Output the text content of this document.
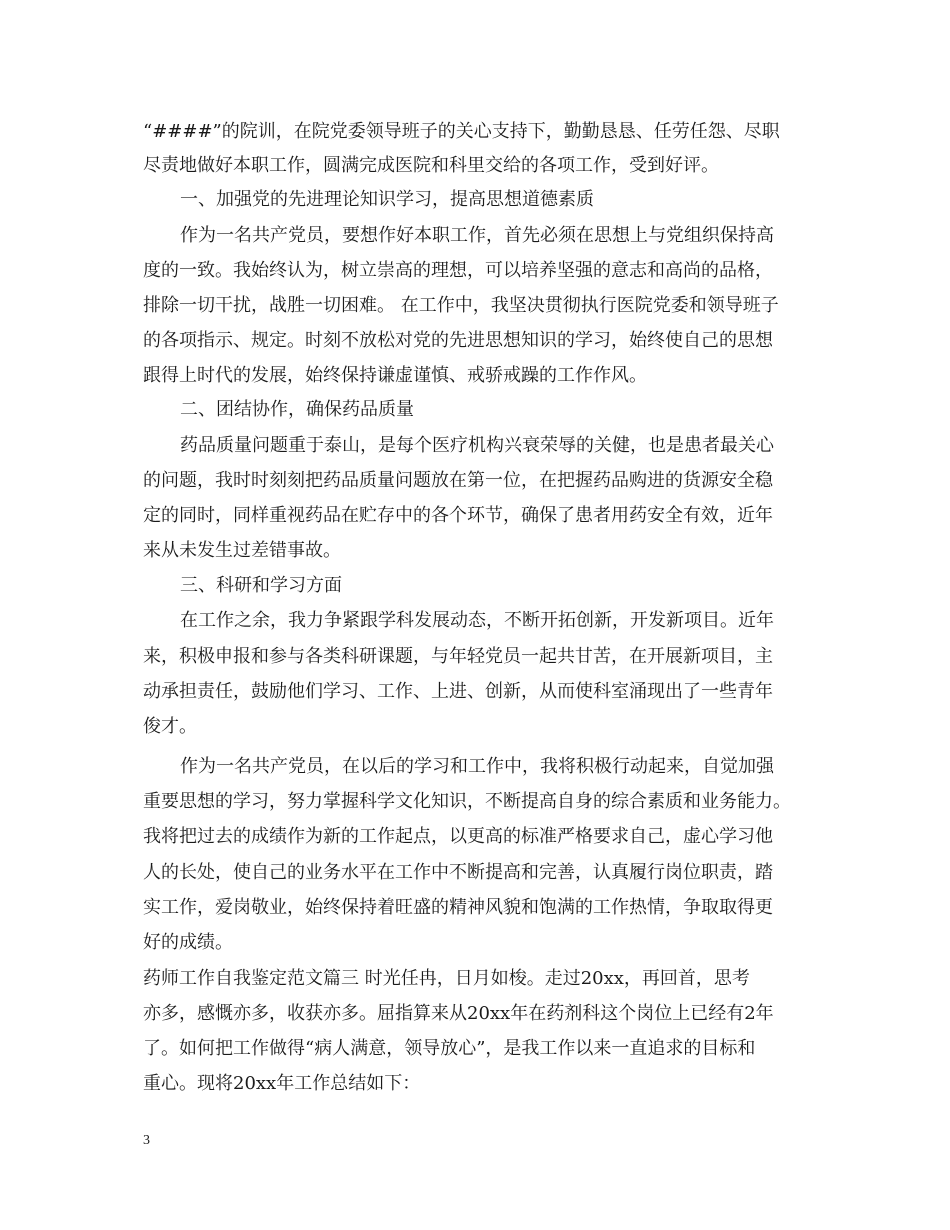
“####”的院训，在院党委领导班子的关心支持下，勤勤恳恳、任劳任怨、尽职

尽责地做好本职工作，圆满完成医院和科里交给的各项工作，受到好评。

一、加强党的先进理论知识学习，提高思想道德素质

作为一名共产党员，要想作好本职工作，首先必须在思想上与党组织保持高

度的一致。我始终认为，树立崇高的理想，可以培养坚强的意志和高尚的品格，

排除一切干扰，战胜一切困难。 在工作中，我坚决贯彻执行医院党委和领导班子

的各项指示、规定。时刻不放松对党的先进思想知识的学习，始终使自己的思想

跟得上时代的发展，始终保持谦虚谨慎、戒骄戒躁的工作作风。

二、团结协作，确保药品质量

药品质量问题重于泰山，是每个医疗机构兴衰荣辱的关健，也是患者最关心

的问题，我时时刻刻把药品质量问题放在第一位，在把握药品购进的货源安全稳

定的同时，同样重视药品在贮存中的各个环节，确保了患者用药安全有效，近年

来从未发生过差错事故。

三、科研和学习方面

在工作之余，我力争紧跟学科发展动态，不断开拓创新，开发新项目。近年

来，积极申报和参与各类科研课题，与年轻党员一起共甘苦，在开展新项目，主

动承担责任，鼓励他们学习、工作、上进、创新，从而使科室涌现出了一些青年

俊才。

作为一名共产党员，在以后的学习和工作中，我将积极行动起来，自觉加强

重要思想的学习，努力掌握科学文化知识，不断提高自身的综合素质和业务能力。

我将把过去的成绩作为新的工作起点，以更高的标准严格要求自己，虚心学习他

人的长处，使自己的业务水平在工作中不断提高和完善，认真履行岗位职责，踏

实工作，爱岗敬业，始终保持着旺盛的精神风貌和饱满的工作热情，争取取得更

好的成绩。

药师工作自我鉴定范文篇三 时光任冉，日月如梭。走过20xx，再回首，思考

亦多，感慨亦多，收获亦多。屈指算来从20xx年在药剂科这个岗位上已经有2年

了。如何把工作做得“病人满意，领导放心”，是我工作以来一直追求的目标和

重心。现将20xx年工作总结如下：

3
